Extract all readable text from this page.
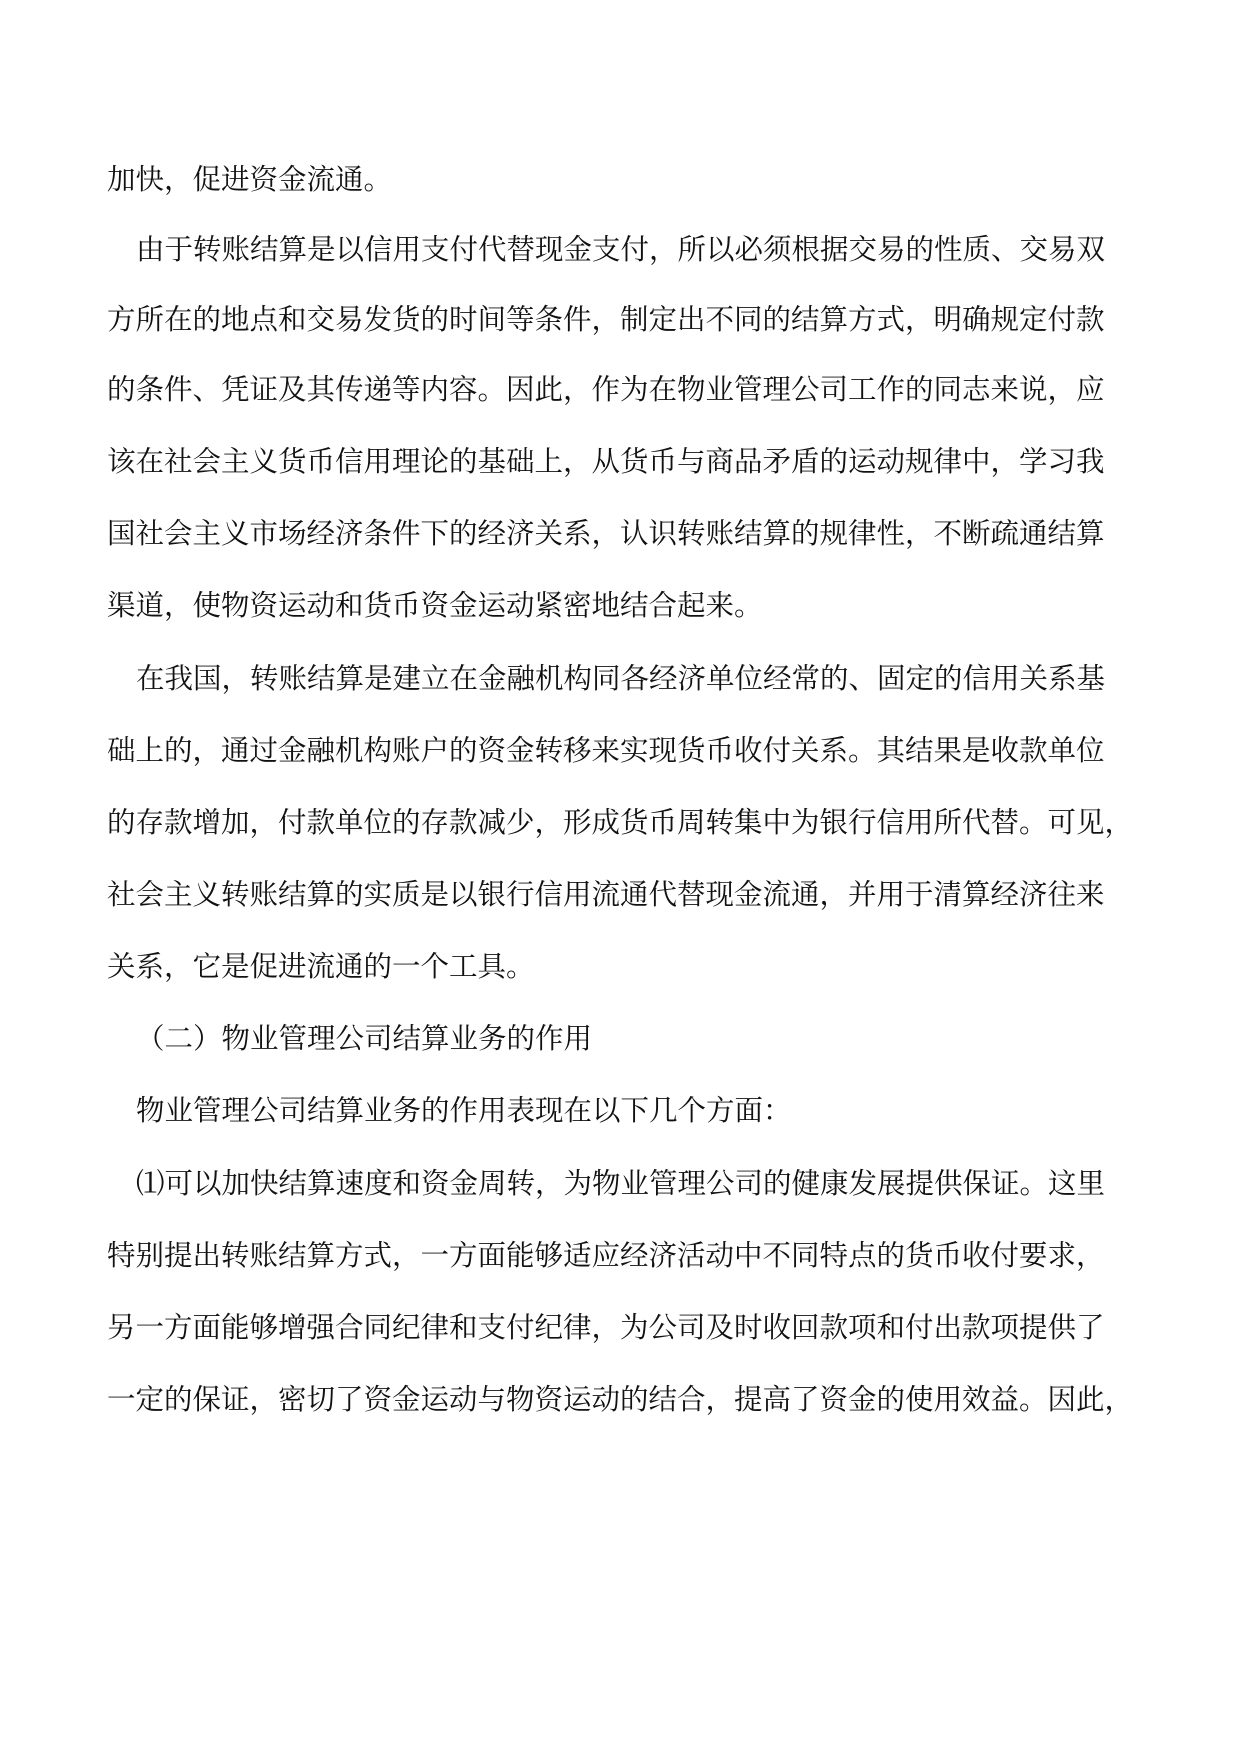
加快，促进资金流通。
由于转账结算是以信用支付代替现金支付，所以必须根据交易的性质、交易双
方所在的地点和交易发货的时间等条件，制定出不同的结算方式，明确规定付款
的条件、凭证及其传递等内容。因此，作为在物业管理公司工作的同志来说，应
该在社会主义货币信用理论的基础上，从货币与商品矛盾的运动规律中，学习我
国社会主义市场经济条件下的经济关系，认识转账结算的规律性，不断疏通结算
渠道，使物资运动和货币资金运动紧密地结合起来。
在我国，转账结算是建立在金融机构同各经济单位经常的、固定的信用关系基
础上的，通过金融机构账户的资金转移来实现货币收付关系。其结果是收款单位
的存款增加，付款单位的存款减少，形成货币周转集中为银行信用所代替。可见，
社会主义转账结算的实质是以银行信用流通代替现金流通，并用于清算经济往来
关系，它是促进流通的一个工具。
（二）物业管理公司结算业务的作用
物业管理公司结算业务的作用表现在以下几个方面：
⑴可以加快结算速度和资金周转，为物业管理公司的健康发展提供保证。这里
特别提出转账结算方式，一方面能够适应经济活动中不同特点的货币收付要求，
另一方面能够增强合同纪律和支付纪律，为公司及时收回款项和付出款项提供了
一定的保证，密切了资金运动与物资运动的结合，提高了资金的使用效益。因此，
